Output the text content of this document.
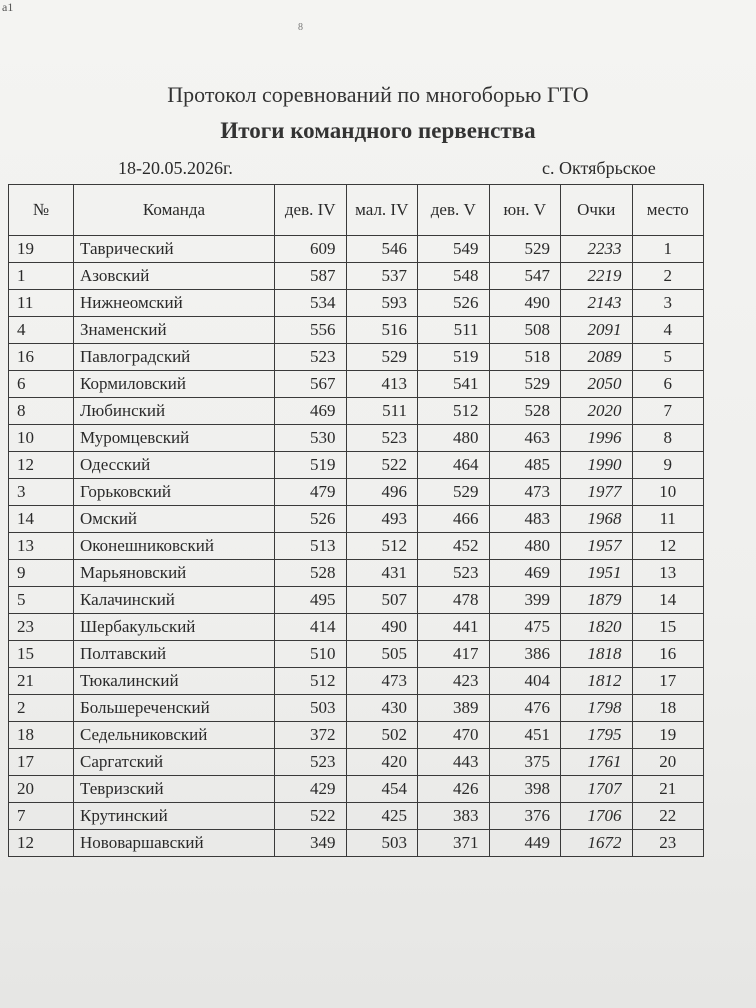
a1
8
Протокол соревнований по многоборью ГТО
Итоги командного первенства
18-20.05.2026г.	с. Октябрьское
№	Команда	дев. IV	мал. IV	дев. V	юн. V	Очки	место
19	Таврический	609	546	549	529	2233	1
1	Азовский	587	537	548	547	2219	2
11	Нижнеомский	534	593	526	490	2143	3
4	Знаменский	556	516	511	508	2091	4
16	Павлоградский	523	529	519	518	2089	5
6	Кормиловский	567	413	541	529	2050	6
8	Любинский	469	511	512	528	2020	7
10	Муромцевский	530	523	480	463	1996	8
12	Одесский	519	522	464	485	1990	9
3	Горьковский	479	496	529	473	1977	10
14	Омский	526	493	466	483	1968	11
13	Оконешниковский	513	512	452	480	1957	12
9	Марьяновский	528	431	523	469	1951	13
5	Калачинский	495	507	478	399	1879	14
23	Шербакульский	414	490	441	475	1820	15
15	Полтавский	510	505	417	386	1818	16
21	Тюкалинский	512	473	423	404	1812	17
2	Большереченский	503	430	389	476	1798	18
18	Седельниковский	372	502	470	451	1795	19
17	Саргатский	523	420	443	375	1761	20
20	Тевризский	429	454	426	398	1707	21
7	Крутинский	522	425	383	376	1706	22
12	Нововаршавский	349	503	371	449	1672	23
